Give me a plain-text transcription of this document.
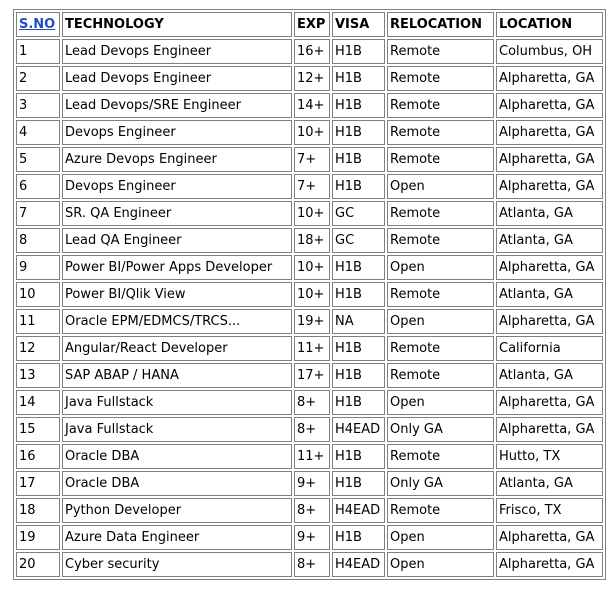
S.NO	TECHNOLOGY	EXP	VISA	RELOCATION	LOCATION
1	Lead Devops Engineer	16+	H1B	Remote	Columbus, OH
2	Lead Devops Engineer	12+	H1B	Remote	Alpharetta, GA
3	Lead Devops/SRE Engineer	14+	H1B	Remote	Alpharetta, GA
4	Devops Engineer	10+	H1B	Remote	Alpharetta, GA
5	Azure Devops Engineer	7+	H1B	Remote	Alpharetta, GA
6	Devops Engineer	7+	H1B	Open	Alpharetta, GA
7	SR. QA Engineer	10+	GC	Remote	Atlanta, GA
8	Lead QA Engineer	18+	GC	Remote	Atlanta, GA
9	Power BI/Power Apps Developer	10+	H1B	Open	Alpharetta, GA
10	Power BI/Qlik View	10+	H1B	Remote	Atlanta, GA
11	Oracle EPM/EDMCS/TRCS...	19+	NA	Open	Alpharetta, GA
12	Angular/React Developer	11+	H1B	Remote	California
13	SAP ABAP / HANA	17+	H1B	Remote	Atlanta, GA
14	Java Fullstack	8+	H1B	Open	Alpharetta, GA
15	Java Fullstack	8+	H4EAD	Only GA	Alpharetta, GA
16	Oracle DBA	11+	H1B	Remote	Hutto, TX
17	Oracle DBA	9+	H1B	Only GA	Atlanta, GA
18	Python Developer	8+	H4EAD	Remote	Frisco, TX
19	Azure Data Engineer	9+	H1B	Open	Alpharetta, GA
20	Cyber security	8+	H4EAD	Open	Alpharetta, GA
